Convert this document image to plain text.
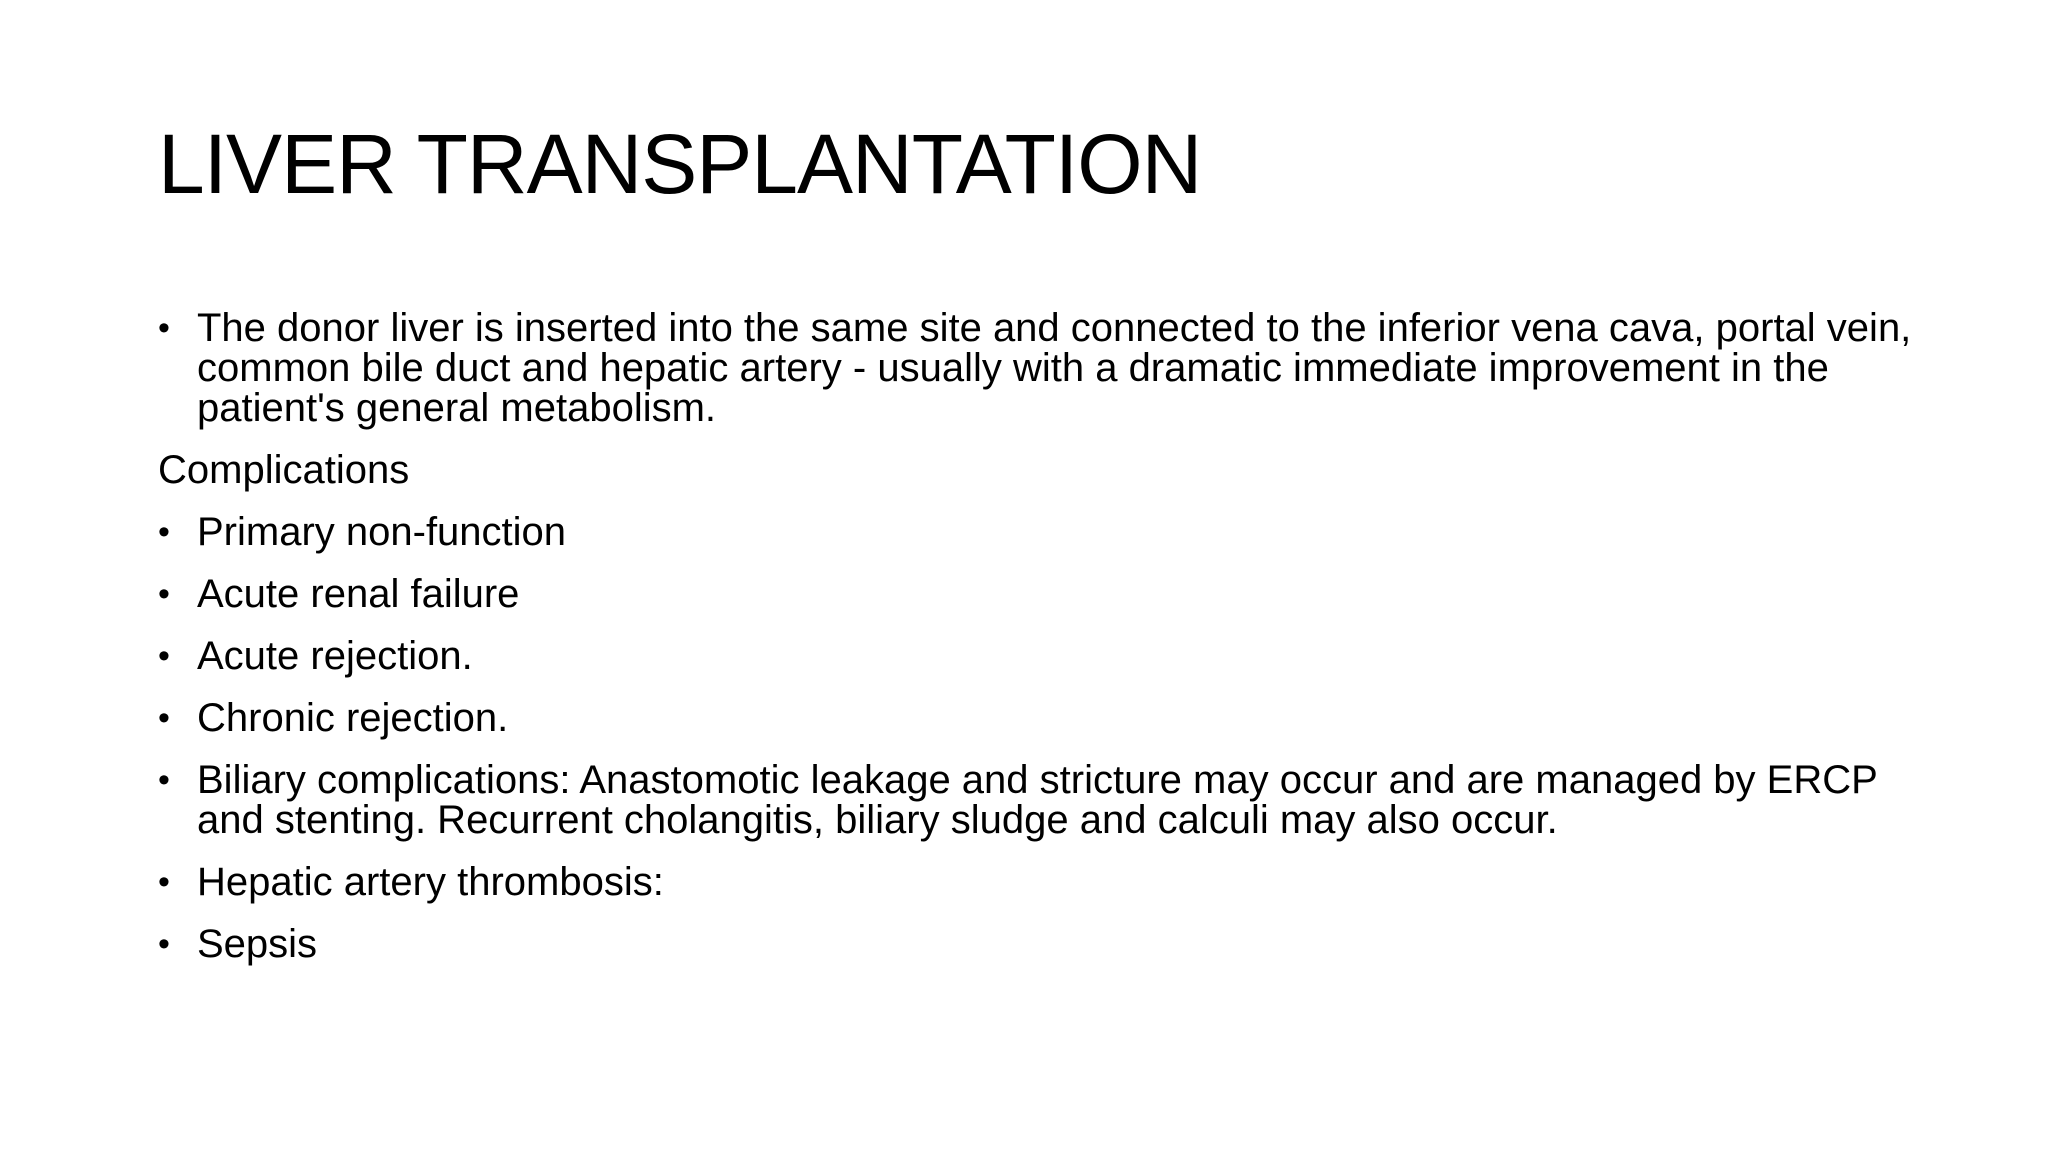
LIVER TRANSPLANTATION
• The donor liver is inserted into the same site and connected to the inferior vena cava, portal vein, common bile duct and hepatic artery - usually with a dramatic immediate improvement in the patient's general metabolism.
Complications
• Primary non-function
• Acute renal failure
• Acute rejection.
• Chronic rejection.
• Biliary complications: Anastomotic leakage and stricture may occur and are managed by ERCP and stenting. Recurrent cholangitis, biliary sludge and calculi may also occur.
• Hepatic artery thrombosis:
• Sepsis
